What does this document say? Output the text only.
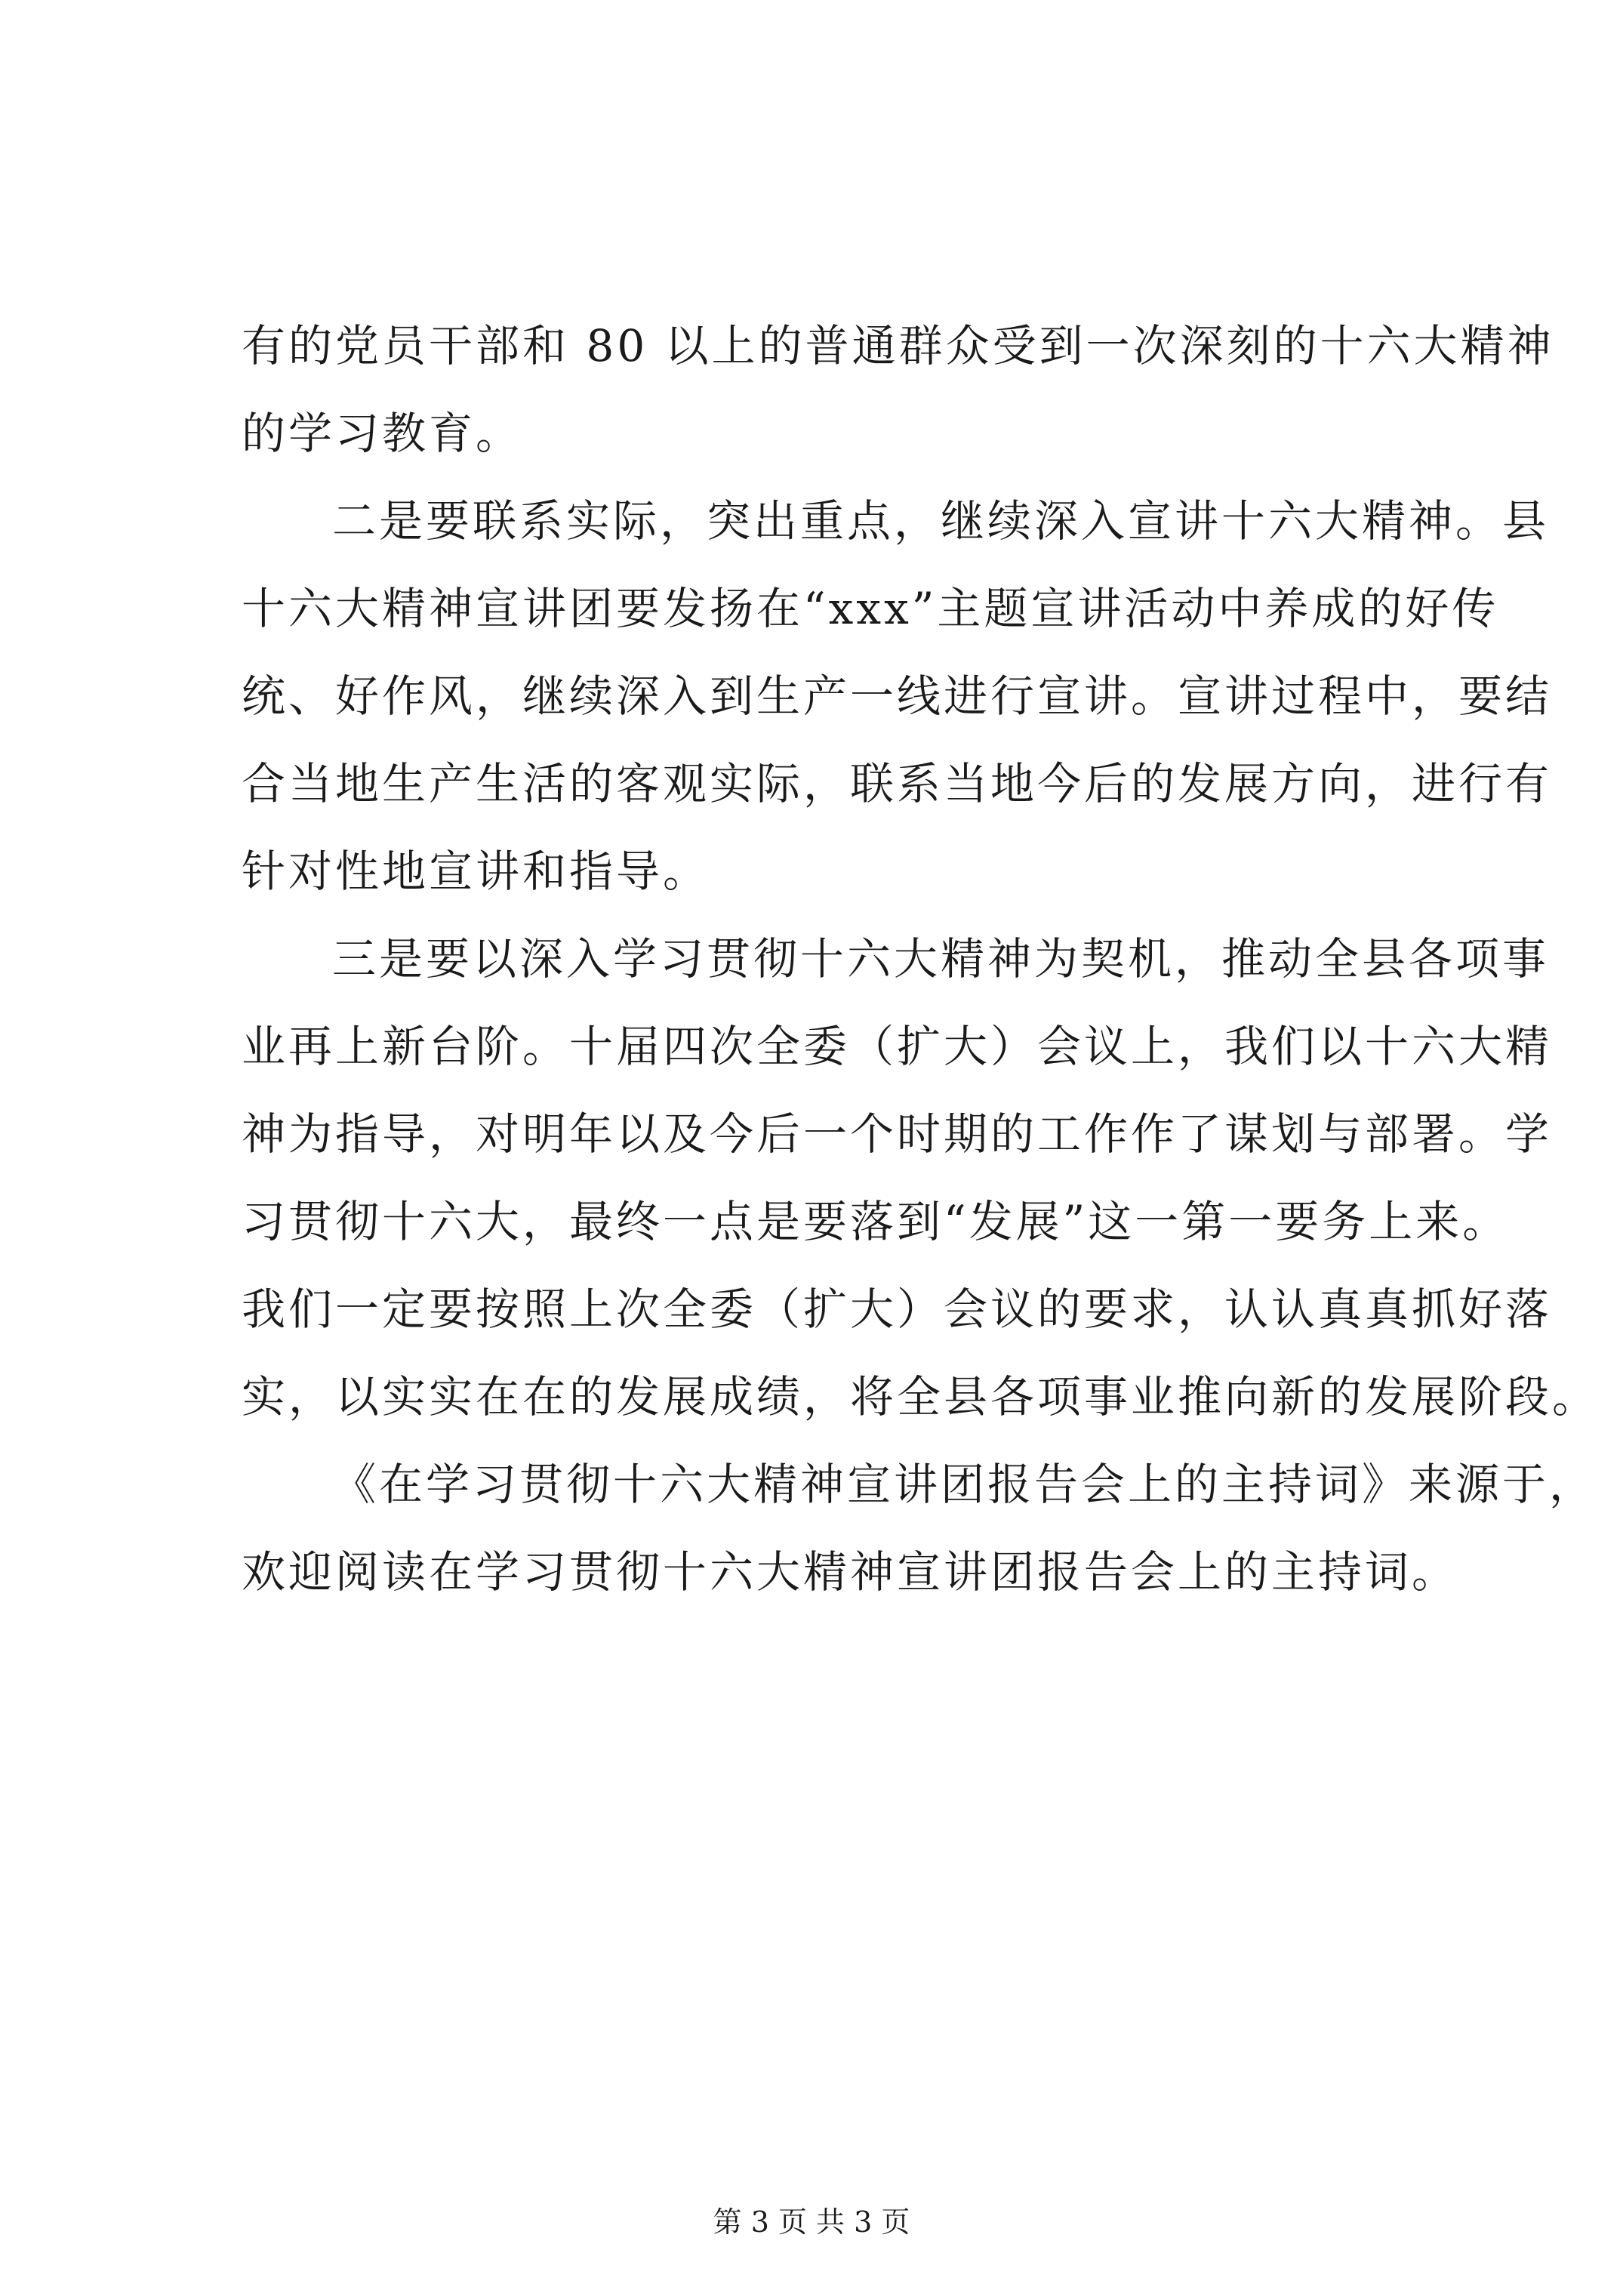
有的党员干部和 80 以上的普通群众受到一次深刻的十六大精神
的学习教育。
二是要联系实际，突出重点，继续深入宣讲十六大精神。县
十六大精神宣讲团要发扬在“xxx”主题宣讲活动中养成的好传
统、好作风，继续深入到生产一线进行宣讲。宣讲过程中，要结
合当地生产生活的客观实际，联系当地今后的发展方向，进行有
针对性地宣讲和指导。
三是要以深入学习贯彻十六大精神为契机，推动全县各项事
业再上新台阶。十届四次全委（扩大）会议上，我们以十六大精
神为指导，对明年以及今后一个时期的工作作了谋划与部署。学
习贯彻十六大，最终一点是要落到“发展”这一第一要务上来。
我们一定要按照上次全委（扩大）会议的要求，认认真真抓好落
实，以实实在在的发展成绩，将全县各项事业推向新的发展阶段。
《在学习贯彻十六大精神宣讲团报告会上的主持词》来源于，
欢迎阅读在学习贯彻十六大精神宣讲团报告会上的主持词。
第 3 页 共 3 页
